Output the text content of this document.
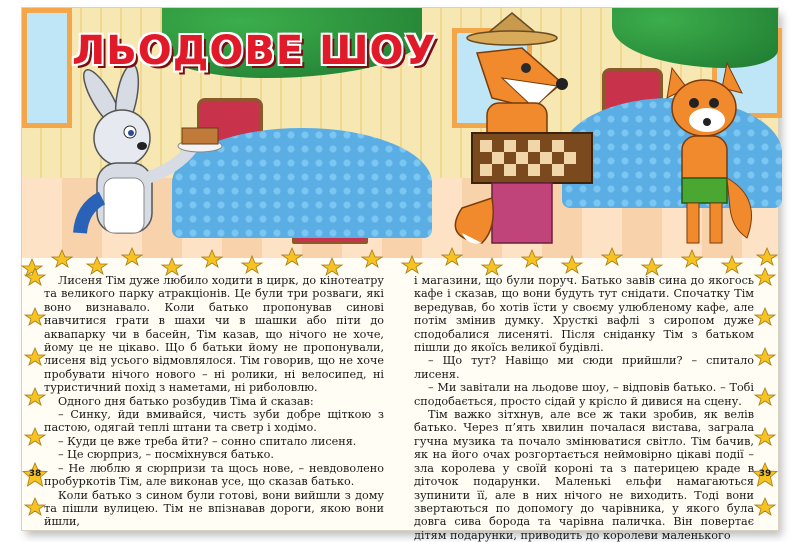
ЛЬОДОВЕ ШОУ

Лисеня Тім дуже любило ходити в цирк, до кінотеатру та великого парку атракціонів. Це були три розваги, які воно визнавало. Коли батько пропонував синові навчитися грати в шахи чи в шашки або піти до аквапарку чи в басейн, Тім казав, що нічого не хоче, йому це не цікаво. Що б батьки йому не пропонували, лисеня від усього відмовлялося. Тім говорив, що не хоче пробувати нічого нового – ні ролики, ні велосипед, ні туристичний похід з наметами, ні риболовлю.

Одного дня батько розбудив Тіма й сказав:

– Синку, йди вмивайся, чисть зуби добре щіткою з пастою, одягай теплі штани та светр і ходімо.

– Куди це вже треба йти? – сонно спитало лисеня.

– Це сюрприз, – посміхнувся батько.

– Не люблю я сюрпризи та щось нове, – невдоволено пробуркотів Тім, але виконав усе, що сказав батько.

Коли батько з сином були готові, вони вийшли з дому та пішли вулицею. Тім не впізнавав дороги, якою вони йшли,

і магазини, що були поруч. Батько завів сина до якогось кафе і сказав, що вони будуть тут снідати. Спочатку Тім вередував, бо хотів їсти у своєму улюбленому кафе, але потім змінив думку. Хрусткі вафлі з сиропом дуже сподобалися лисеняті. Після сніданку Тім з батьком пішли до якоїсь великої будівлі.

– Що тут? Навіщо ми сюди прийшли? – спитало лисеня.

– Ми завітали на льодове шоу, – відповів батько. – Тобі сподобається, просто сідай у крісло й дивися на сцену.

Тім важко зітхнув, але все ж таки зробив, як велів батько. Через п’ять хвилин почалася вистава, заграла гучна музика та почало змінюватися світло. Тім бачив, як на його очах розгортається неймовірно цікаві події – зла королева у своїй короні та з патерицею краде в діточок подарунки. Маленькі ельфи намагаються зупинити її, але в них нічого не виходить. Тоді вони звертаються по допомогу до чарівника, у якого була довга сива борода та чарівна паличка. Він повертає дітям подарунки, приводить до королеви маленького

38	39
